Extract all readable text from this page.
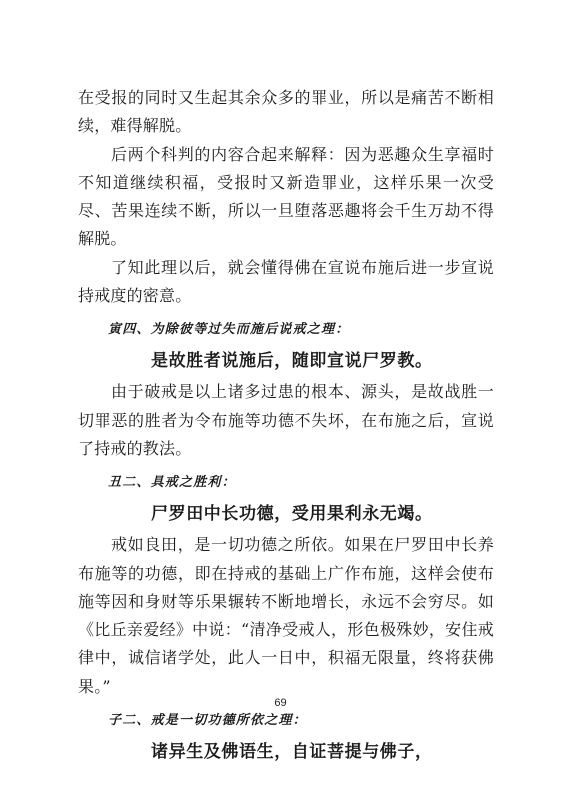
在受报的同时又生起其余众多的罪业，所以是痛苦不断相续，难得解脱。

后两个科判的内容合起来解释：因为恶趣众生享福时不知道继续积福，受报时又新造罪业，这样乐果一次受尽、苦果连续不断，所以一旦堕落恶趣将会千生万劫不得解脱。

了知此理以后，就会懂得佛在宣说布施后进一步宣说持戒度的密意。

寅四、为除彼等过失而施后说戒之理：
是故胜者说施后，随即宣说尸罗教。

由于破戒是以上诸多过患的根本、源头，是故战胜一切罪恶的胜者为令布施等功德不失坏，在布施之后，宣说了持戒的教法。

丑二、具戒之胜利：
尸罗田中长功德，受用果利永无竭。

戒如良田，是一切功德之所依。如果在尸罗田中长养布施等的功德，即在持戒的基础上广作布施，这样会使布施等因和身财等乐果辗转不断地增长，永远不会穷尽。如《比丘亲爱经》中说：“清净受戒人，形色极殊妙，安住戒律中，诚信诸学处，此人一日中，积福无限量，终将获佛果。”

子二、戒是一切功德所依之理：
诸异生及佛语生，自证菩提与佛子，
69
